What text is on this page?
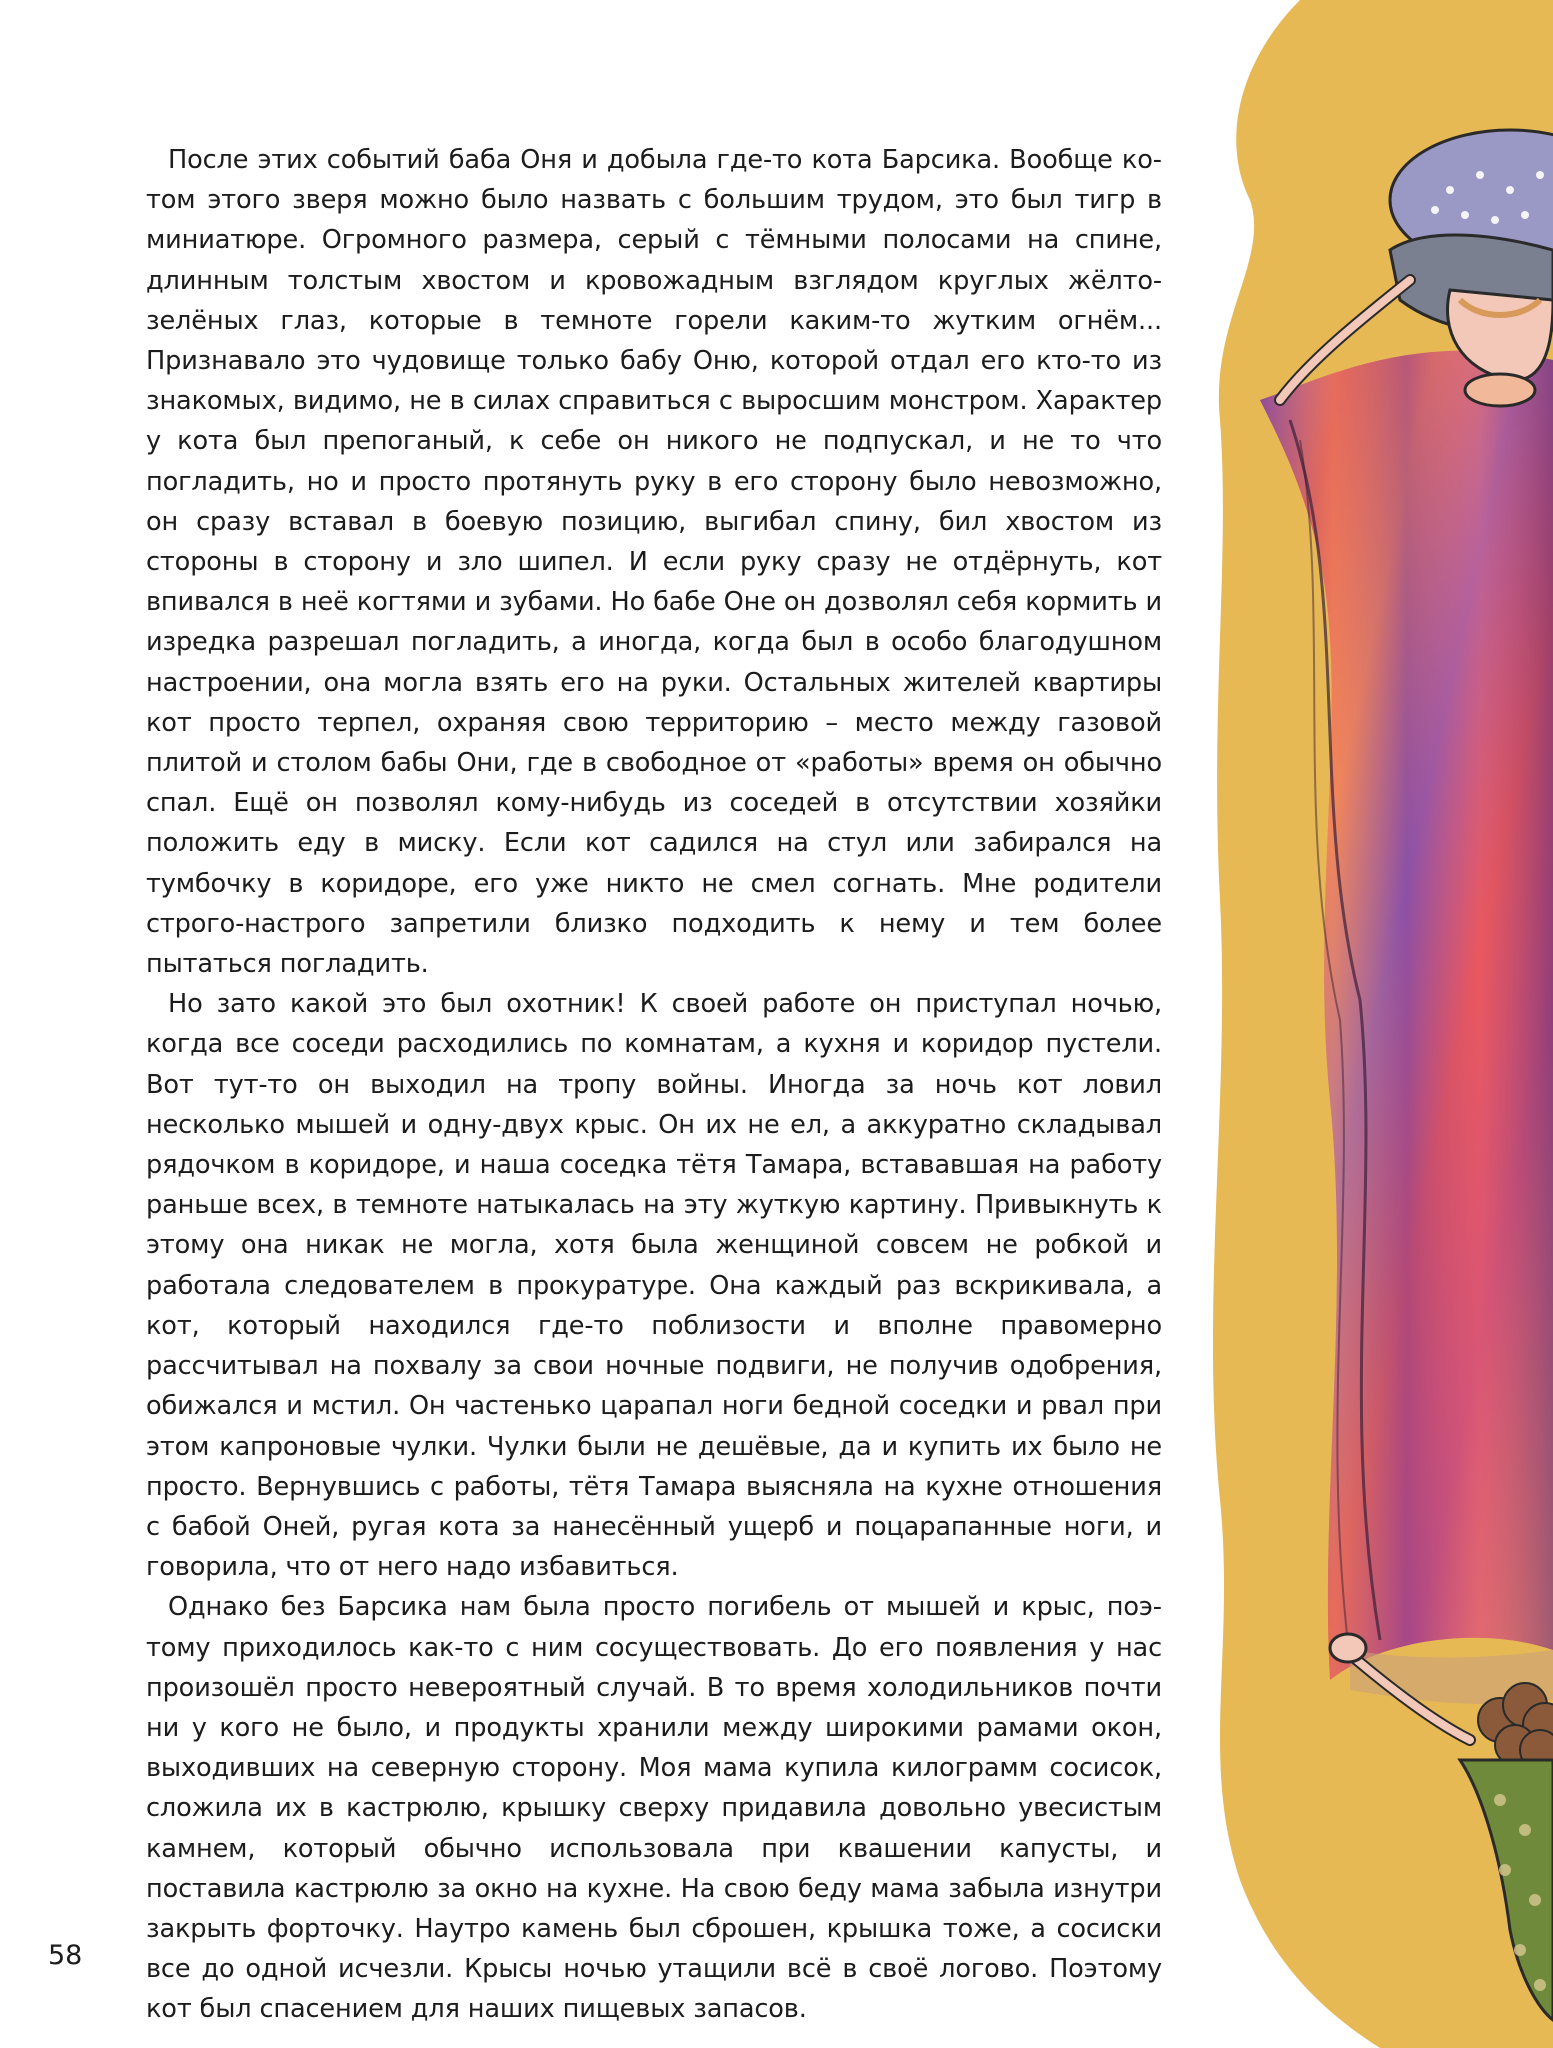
После этих событий баба Оня и добыла где-то кота Барсика. Вообще котом этого зверя можно было назвать с большим трудом, это был тигр в миниатюре. Огромного размера, серый с тёмными полосами на спине, длинным толстым хвостом и кровожадным взглядом круглых жёлто-зелёных глаз, которые в темноте горели каким-то жутким огнём... Признавало это чудовище только бабу Оню, которой отдал его кто-то из знакомых, видимо, не в силах справиться с выросшим монстром. Характер у кота был препоганый, к себе он никого не подпускал, и не то что погладить, но и просто протянуть руку в его сторону было невозможно, он сразу вставал в боевую позицию, выгибал спину, бил хвостом из стороны в сторону и зло шипел. И если руку сразу не отдёрнуть, кот впивался в неё когтями и зубами. Но бабе Оне он дозволял себя кормить и изредка разрешал погладить, а иногда, когда был в особо благодушном настроении, она могла взять его на руки. Остальных жителей квартиры кот просто терпел, охраняя свою территорию – место между газовой плитой и столом бабы Они, где в свободное от «работы» время он обычно спал. Ещё он позволял кому-нибудь из соседей в отсутствии хозяйки положить еду в миску. Если кот садился на стул или забирался на тумбочку в коридоре, его уже никто не смел согнать. Мне родители строго-настрого запретили близко подходить к нему и тем более пытаться погладить.

Но зато какой это был охотник! К своей работе он приступал ночью, когда все соседи расходились по комнатам, а кухня и коридор пустели. Вот тут-то он выходил на тропу войны. Иногда за ночь кот ловил несколько мышей и одну-двух крыс. Он их не ел, а аккуратно складывал рядочком в коридоре, и наша соседка тётя Тамара, встававшая на работу раньше всех, в темноте натыкалась на эту жуткую картину. Привыкнуть к этому она никак не могла, хотя была женщиной совсем не робкой и работала следователем в прокуратуре. Она каждый раз вскрикивала, а кот, который находился где-то поблизости и вполне правомерно рассчитывал на похвалу за свои ночные подвиги, не получив одобрения, обижался и мстил. Он частенько царапал ноги бедной соседки и рвал при этом капроновые чулки. Чулки были не дешёвые, да и купить их было не просто. Вернувшись с работы, тётя Тамара выясняла на кухне отношения с бабой Оней, ругая кота за нанесённый ущерб и поцарапанные ноги, и говорила, что от него надо избавиться.

Однако без Барсика нам была просто погибель от мышей и крыс, поэтому приходилось как-то с ним сосуществовать. До его появления у нас произошёл просто невероятный случай. В то время холодильников почти ни у кого не было, и продукты хранили между широкими рамами окон, выходивших на северную сторону. Моя мама купила килограмм сосисок, сложила их в кастрюлю, крышку сверху придавила довольно увесистым камнем, который обычно использовала при квашении капусты, и поставила кастрюлю за окно на кухне. На свою беду мама забыла изнутри закрыть форточку. Наутро камень был сброшен, крышка тоже, а сосиски все до одной исчезли. Крысы ночью утащили всё в своё логово. Поэтому кот был спасением для наших пищевых запасов.

58
